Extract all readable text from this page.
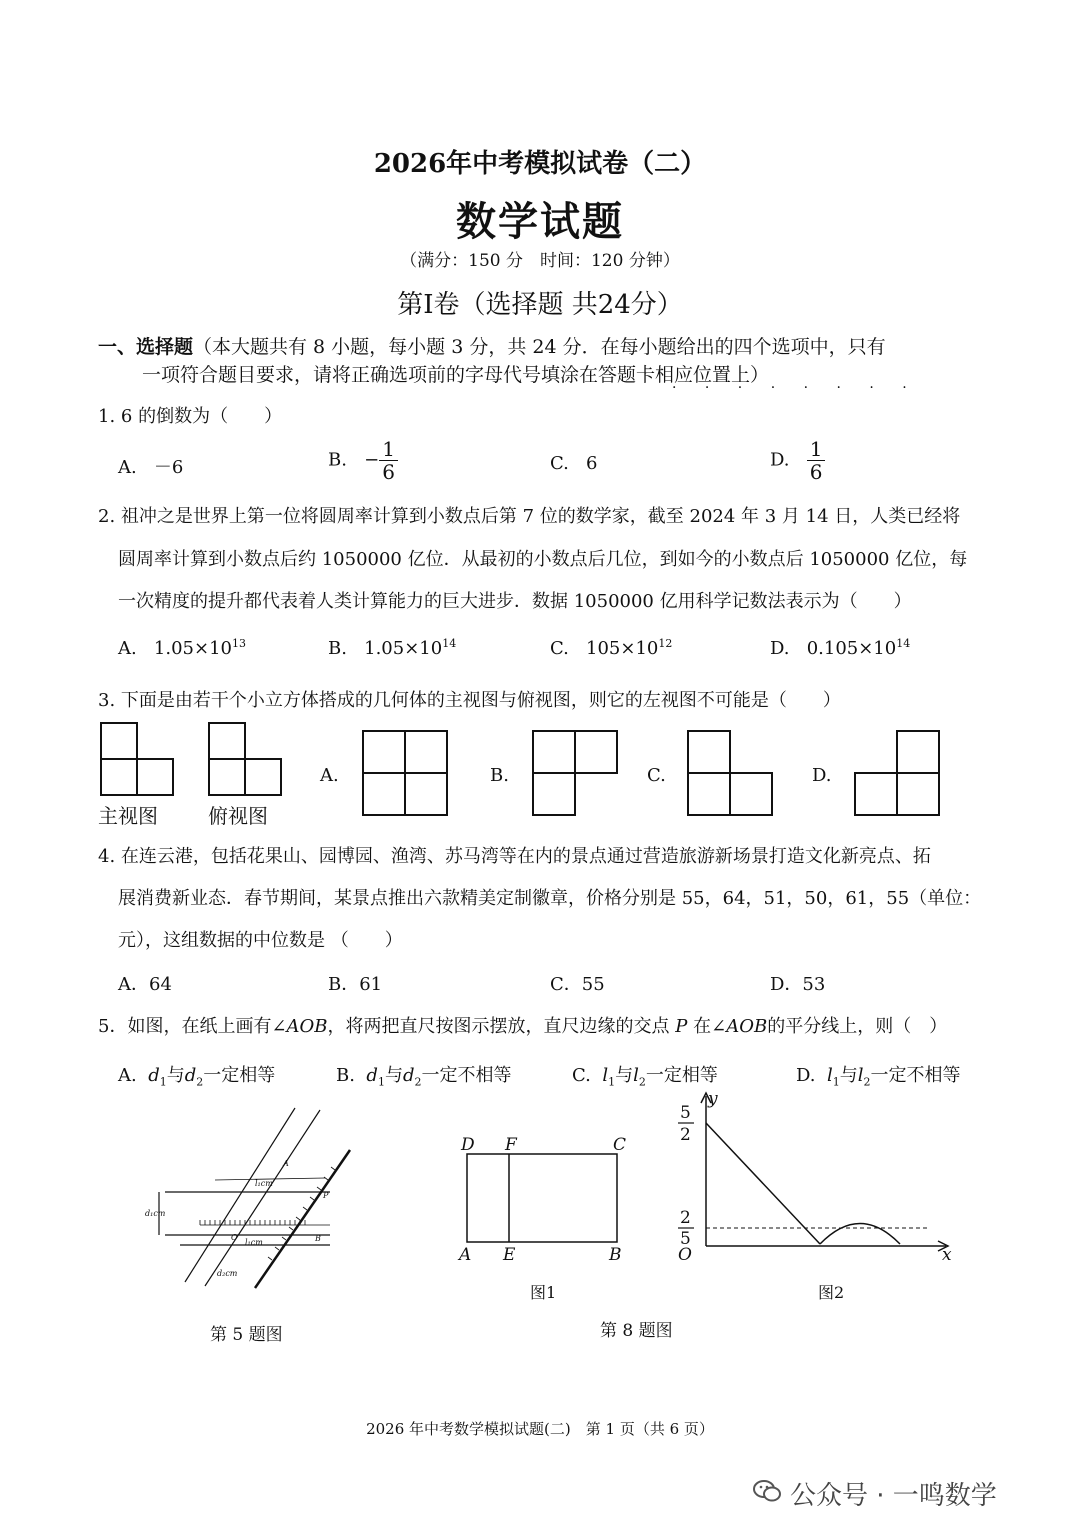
2026年中考模拟试卷（二）
数学试题
（满分：150 分　时间：120 分钟）
第Ⅰ卷（选择题 共24分）
一、选择题（本大题共有 8 小题，每小题 3 分，共 24 分．在每小题给出的四个选项中，只有
一项符合题目要求，请将正确选项前的字母代号填涂在答题卡相应位置上）
· · · · · · · ·
1. 6 的倒数为（　　）
A. －6	B. − $\frac{1}{6}$	C. 6	D. $\frac{1}{6}$
2. 祖冲之是世界上第一位将圆周率计算到小数点后第 7 位的数学家，截至 2024 年 3 月 14 日，人类已经将
圆周率计算到小数点后约 1050000 亿位．从最初的小数点后几位，到如今的小数点后 1050000 亿位，每
一次精度的提升都代表着人类计算能力的巨大进步．数据 1050000 亿用科学记数法表示为（　　）
A. $1.05\times 10^{13}$	B. $1.05\times 10^{14}$	C. $105\times 10^{12}$	D. $0.105\times 10^{14}$
3. 下面是由若干个小立方体搭成的几何体的主视图与俯视图，则它的左视图不可能是（　　）
A.	B.	C.	D.
主视图	俯视图
4. 在连云港，包括花果山、园博园、渔湾、苏马湾等在内的景点通过营造旅游新场景打造文化新亮点、拓
展消费新业态．春节期间，某景点推出六款精美定制徽章，价格分别是 55，64，51，50，61，55（单位：
元），这组数据的中位数是 （　　）
A．64	B．61	C．55	D．53
5．如图，在纸上画有∠AOB，将两把直尺按图示摆放，直尺边缘的交点 P 在∠AOB的平分线上，则（　）
A. $d_1$与$d_2$一定相等	B. $d_1$与$d_2$一定不相等	C. $l_1$与$l_2$一定相等	D. $l_1$与$l_2$一定不相等
d₁cm
l₁cm
l₁cm
d₂cm
A
B
O
P
第 5 题图
D F	C
A E	B
图1
y
x
O
5
2
2
5
图2
第 8 题图
2026 年中考数学模拟试题(二)　第 1 页（共 6 页）
公众号 · 一鸣数学
